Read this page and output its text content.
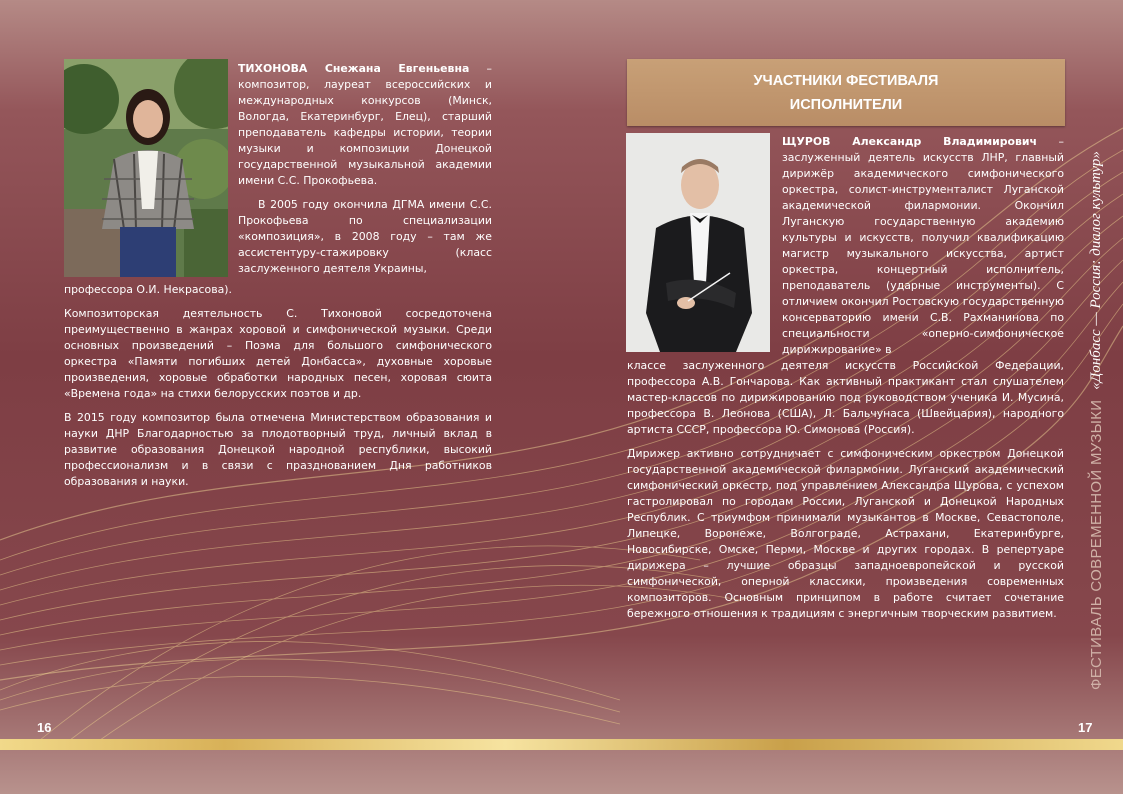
ТИХОНОВА Снежана Евгеньевна – композитор, лауреат всероссийских и международных конкурсов (Минск, Вологда, Екатеринбург, Елец), старший преподаватель кафедры истории, теории музыки и композиции Донецкой государственной музыкальной академии имени С.С. Прокофьева.

В 2005 году окончила ДГМА имени С.С. Прокофьева по специализации «композиция», в 2008 году – там же ассистентуру-стажировку (класс заслуженного деятеля Украины,

профессора О.И. Некрасова).

Композиторская деятельность С. Тихоновой сосредоточена преимущественно в жанрах хоровой и симфонической музыки. Среди основных произведений – Поэма для большого симфонического оркестра «Памяти погибших детей Донбасса», духовные хоровые произведения, хоровые обработки народных песен, хоровая сюита «Времена года» на стихи белорусских поэтов и др.

В 2015 году композитор была отмечена Министерством образования и науки ДНР Благодарностью за плодотворный труд, личный вклад в развитие образования Донецкой народной республики, высокий профессионализм и в связи с празднованием Дня работников образования и науки.

16
УЧАСТНИКИ ФЕСТИВАЛЯ
ИСПОЛНИТЕЛИ

ЩУРОВ Александр Владимирович – заслуженный деятель искусств ЛНР, главный дирижёр академического симфонического оркестра, солист-инструменталист Луганской академической филармонии. Окончил Луганскую государственную академию культуры и искусств, получил квалификацию магистр музыкального искусства, артист оркестра, концертный исполнитель, преподаватель (ударные инструменты). С отличием окончил Ростовскую государственную консерваторию имени С.В. Рахманинова по специальности «оперно-симфоническое дирижирование» в

классе заслуженного деятеля искусств Российской Федерации, профессора А.В. Гончарова. Как активный практикант стал слушателем мастер-классов по дирижированию под руководством ученика И. Мусина, профессора В. Леонова (США), Л. Бальчунаса (Швейцария), народного артиста СССР, профессора Ю. Симонова (Россия).

Дирижер активно сотрудничает с симфоническим оркестром Донецкой государственной академической филармонии. Луганский академический симфонический оркестр, под управлением Александра Щурова, с успехом гастролировал по городам России, Луганской и Донецкой Народных Республик. С триумфом принимали музыкантов в Москве, Севастополе, Липецке, Воронеже, Волгограде, Астрахани, Екатеринбурге, Новосибирске, Омске, Перми, Москве и других городах. В репертуаре дирижера – лучшие образцы западноевропейской и русской симфонической, оперной классики, произведения современных композиторов. Основным принципом в работе считает сочетание бережного отношения к традициям с энергичным творческим развитием.

17
ФЕСТИВАЛЬ СОВРЕМЕННОЙ МУЗЫКИ
«Донбасс — Россия: диалог культур»
